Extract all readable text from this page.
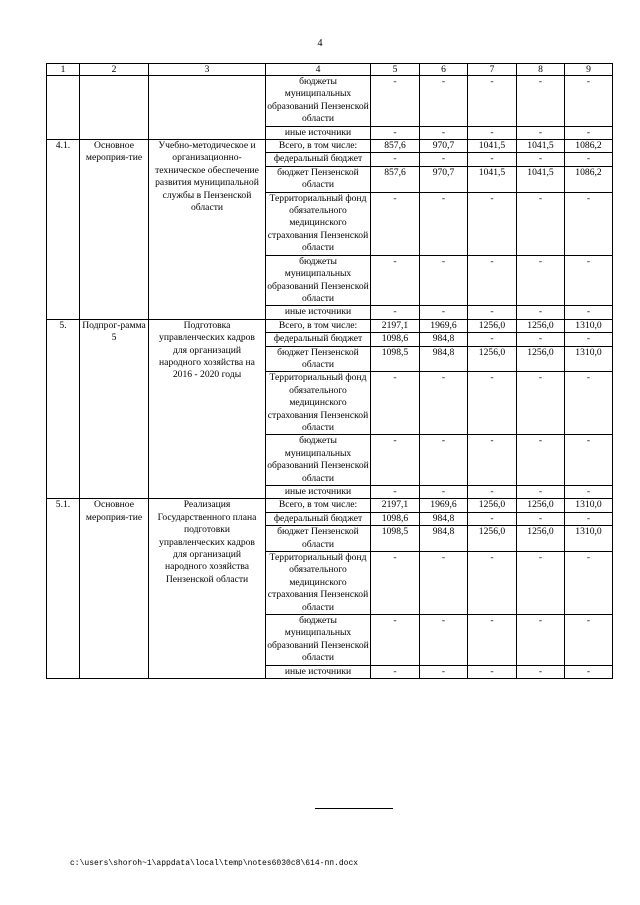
4
1	2	3	4	5	6	7	8	9
			бюджеты муниципальных образований Пензенской области	-	-	-	-	-
			иные источники	-	-	-	-	-
4.1.	Основное мероприя-тие	Учебно-методическое и организационно-техническое обеспечение развития муниципальной службы в Пензенской области	Всего, в том числе:	857,6	970,7	1041,5	1041,5	1086,2
			федеральный бюджет	-	-	-	-	-
			бюджет Пензенской области	857,6	970,7	1041,5	1041,5	1086,2
			Территориальный фонд обязательного медицинского страхования Пензенской области	-	-	-	-	-
			бюджеты муниципальных образований Пензенской области	-	-	-	-	-
			иные источники	-	-	-	-	-
5.	Подпрог-рамма 5	Подготовка управленческих кадров для организаций народного хозяйства на 2016 - 2020 годы	Всего, в том числе:	2197,1	1969,6	1256,0	1256,0	1310,0
			федеральный бюджет	1098,6	984,8	-	-	-
			бюджет Пензенской области	1098,5	984,8	1256,0	1256,0	1310,0
			Территориальный фонд обязательного медицинского страхования Пензенской области	-	-	-	-	-
			бюджеты муниципальных образований Пензенской области	-	-	-	-	-
			иные источники	-	-	-	-	-
5.1.	Основное мероприя-тие	Реализация Государственного плана подготовки управленческих кадров для организаций народного хозяйства Пензенской области	Всего, в том числе:	2197,1	1969,6	1256,0	1256,0	1310,0
			федеральный бюджет	1098,6	984,8	-	-	-
			бюджет Пензенской области	1098,5	984,8	1256,0	1256,0	1310,0
			Территориальный фонд обязательного медицинского страхования Пензенской области	-	-	-	-	-
			бюджеты муниципальных образований Пензенской области	-	-	-	-	-
			иные источники	-	-	-	-	-
c:\users\shoroh~1\appdata\local\temp\notes6030c8\614-пп.docx
